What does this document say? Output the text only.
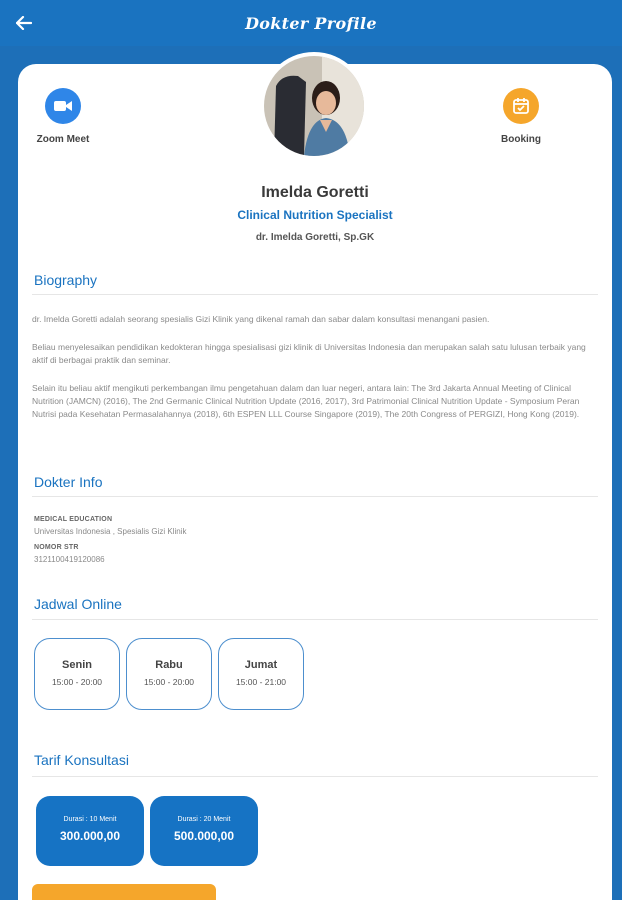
Dokter Profile
Zoom Meet	Booking
Imelda Goretti
Clinical Nutrition Specialist
dr. Imelda Goretti, Sp.GK
Biography
dr. Imelda Goretti adalah seorang spesialis Gizi Klinik yang dikenal ramah dan sabar dalam konsultasi menangani pasien.
Beliau menyelesaikan pendidikan kedokteran hingga spesialisasi gizi klinik di Universitas Indonesia dan merupakan salah satu lulusan terbaik yang aktif di berbagai praktik dan seminar.
Selain itu beliau aktif mengikuti perkembangan ilmu pengetahuan dalam dan luar negeri, antara lain: The 3rd Jakarta Annual Meeting of Clinical Nutrition (JAMCN) (2016), The 2nd Germanic Clinical Nutrition Update (2016, 2017), 3rd Patrimonial Clinical Nutrition Update - Symposium Peran Nutrisi pada Kesehatan Permasalahannya (2018), 6th ESPEN LLL Course Singapore (2019), The 20th Congress of PERGIZI, Hong Kong (2019).
Dokter Info
MEDICAL EDUCATION
Universitas Indonesia , Spesialis Gizi Klinik
NOMOR STR
3121100419120086
Jadwal Online
Senin
15:00 - 20:00
Rabu
15:00 - 20:00
Jumat
15:00 - 21:00
Tarif Konsultasi
Durasi : 10 Menit
300.000,00
Durasi : 20 Menit
500.000,00
